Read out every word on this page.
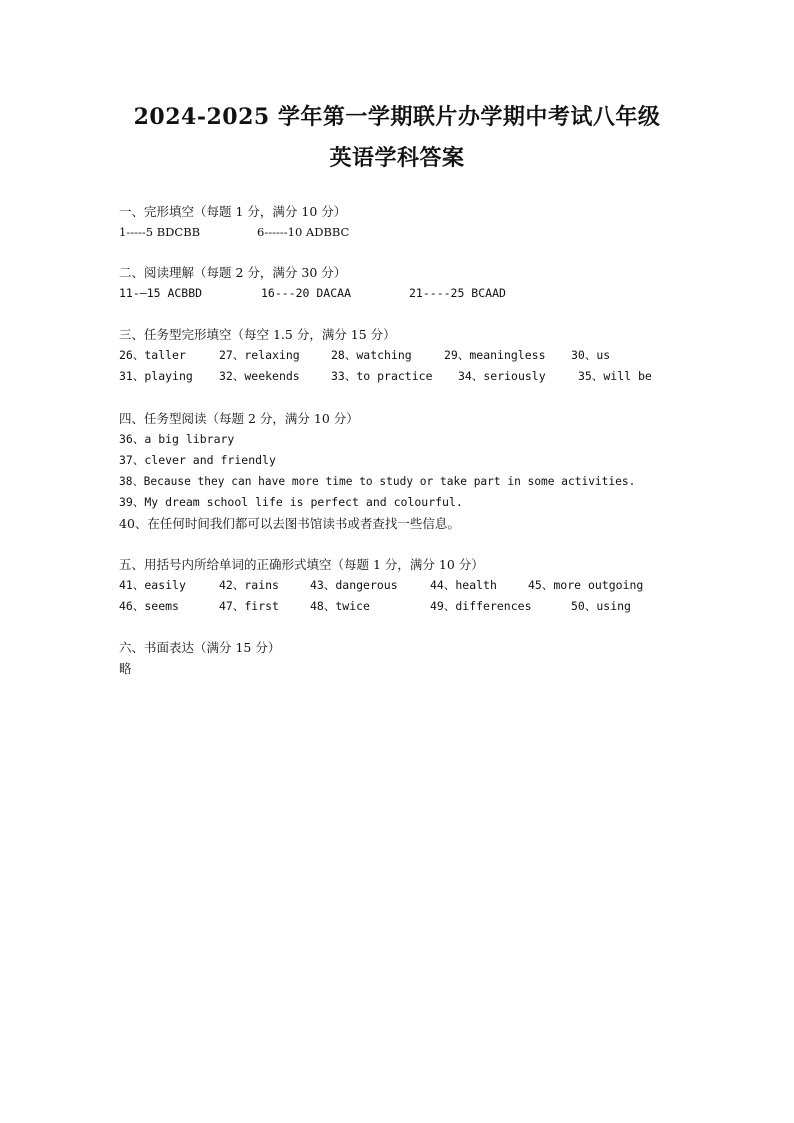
2024-2025 学年第一学期联片办学期中考试八年级
英语学科答案
一、完形填空（每题 1 分，满分 10 分）
1-----5 BDCBB	6------10 ADBBC
二、阅读理解（每题 2 分，满分 30 分）
11-—15 ACBBD	16---20 DACAA	21----25 BCAAD
三、任务型完形填空（每空 1.5 分，满分 15 分）
26、taller	27、relaxing	28、watching	29、meaningless 30、us
31、playing 32、weekends	33、to practice 34、seriously	35、will be
四、任务型阅读（每题 2 分，满分 10 分）
36、a big library
37、clever and friendly
38、Because they can have more time to study or take part in some activities.
39、My dream school life is perfect and colourful.
40、在任何时间我们都可以去图书馆读书或者查找一些信息。
五、用括号内所给单词的正确形式填空（每题 1 分，满分 10 分）
41、easily	42、rains	43、dangerous	44、health	45、more outgoing
46、seems	47、first	48、twice	49、differences	50、using
六、书面表达（满分 15 分）
略
